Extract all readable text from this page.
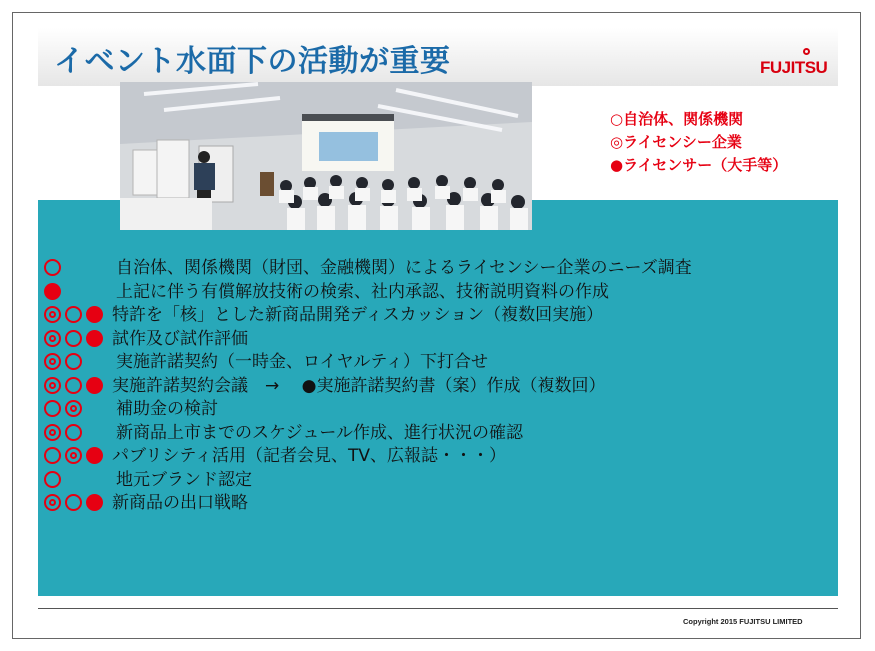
イベント水面下の活動が重要	FUJITSU
○自治体、関係機関
◎ライセンシー企業
●ライセンサー（大手等）
自治体、関係機関（財団、金融機関）によるライセンシー企業のニーズ調査
上記に伴う有償解放技術の検索、社内承認、技術説明資料の作成
特許を「核」とした新商品開発ディスカッション（複数回実施）
試作及び試作評価
実施許諾契約（一時金、ロイヤルティ）下打合せ
実施許諾契約会議　→　 ●実施許諾契約書（案）作成（複数回）
補助金の検討
新商品上市までのスケジュール作成、進行状況の確認
パブリシティ活用（記者会見、TV、広報誌・・・）
地元ブランド認定
新商品の出口戦略
Copyright 2015 FUJITSU LIMITED
